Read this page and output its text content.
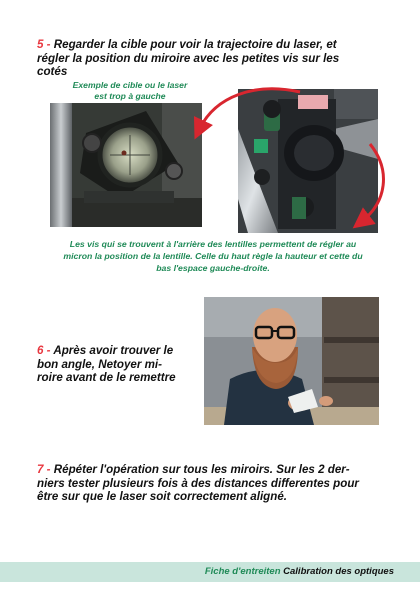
5 - Regarder la cible pour voir la trajectoire du laser, et
régler la position du miroire avec les petites vis sur les
cotés
Exemple de cible ou le laser
est trop à gauche
Les vis qui se trouvent à l'arrière des lentilles permettent de régler au
micron la position de la lentille. Celle du haut règle la hauteur et cette du
bas l'espace gauche-droite.
6 - Après avoir trouver le
bon angle, Netoyer mi-
roire avant de le remettre
7 - Répéter l'opération sur tous les miroirs. Sur les 2 der-
niers tester plusieurs fois à des distances differentes pour
être sur que le laser soit correctement aligné.
Fiche d'entreiten Calibration des optiques
